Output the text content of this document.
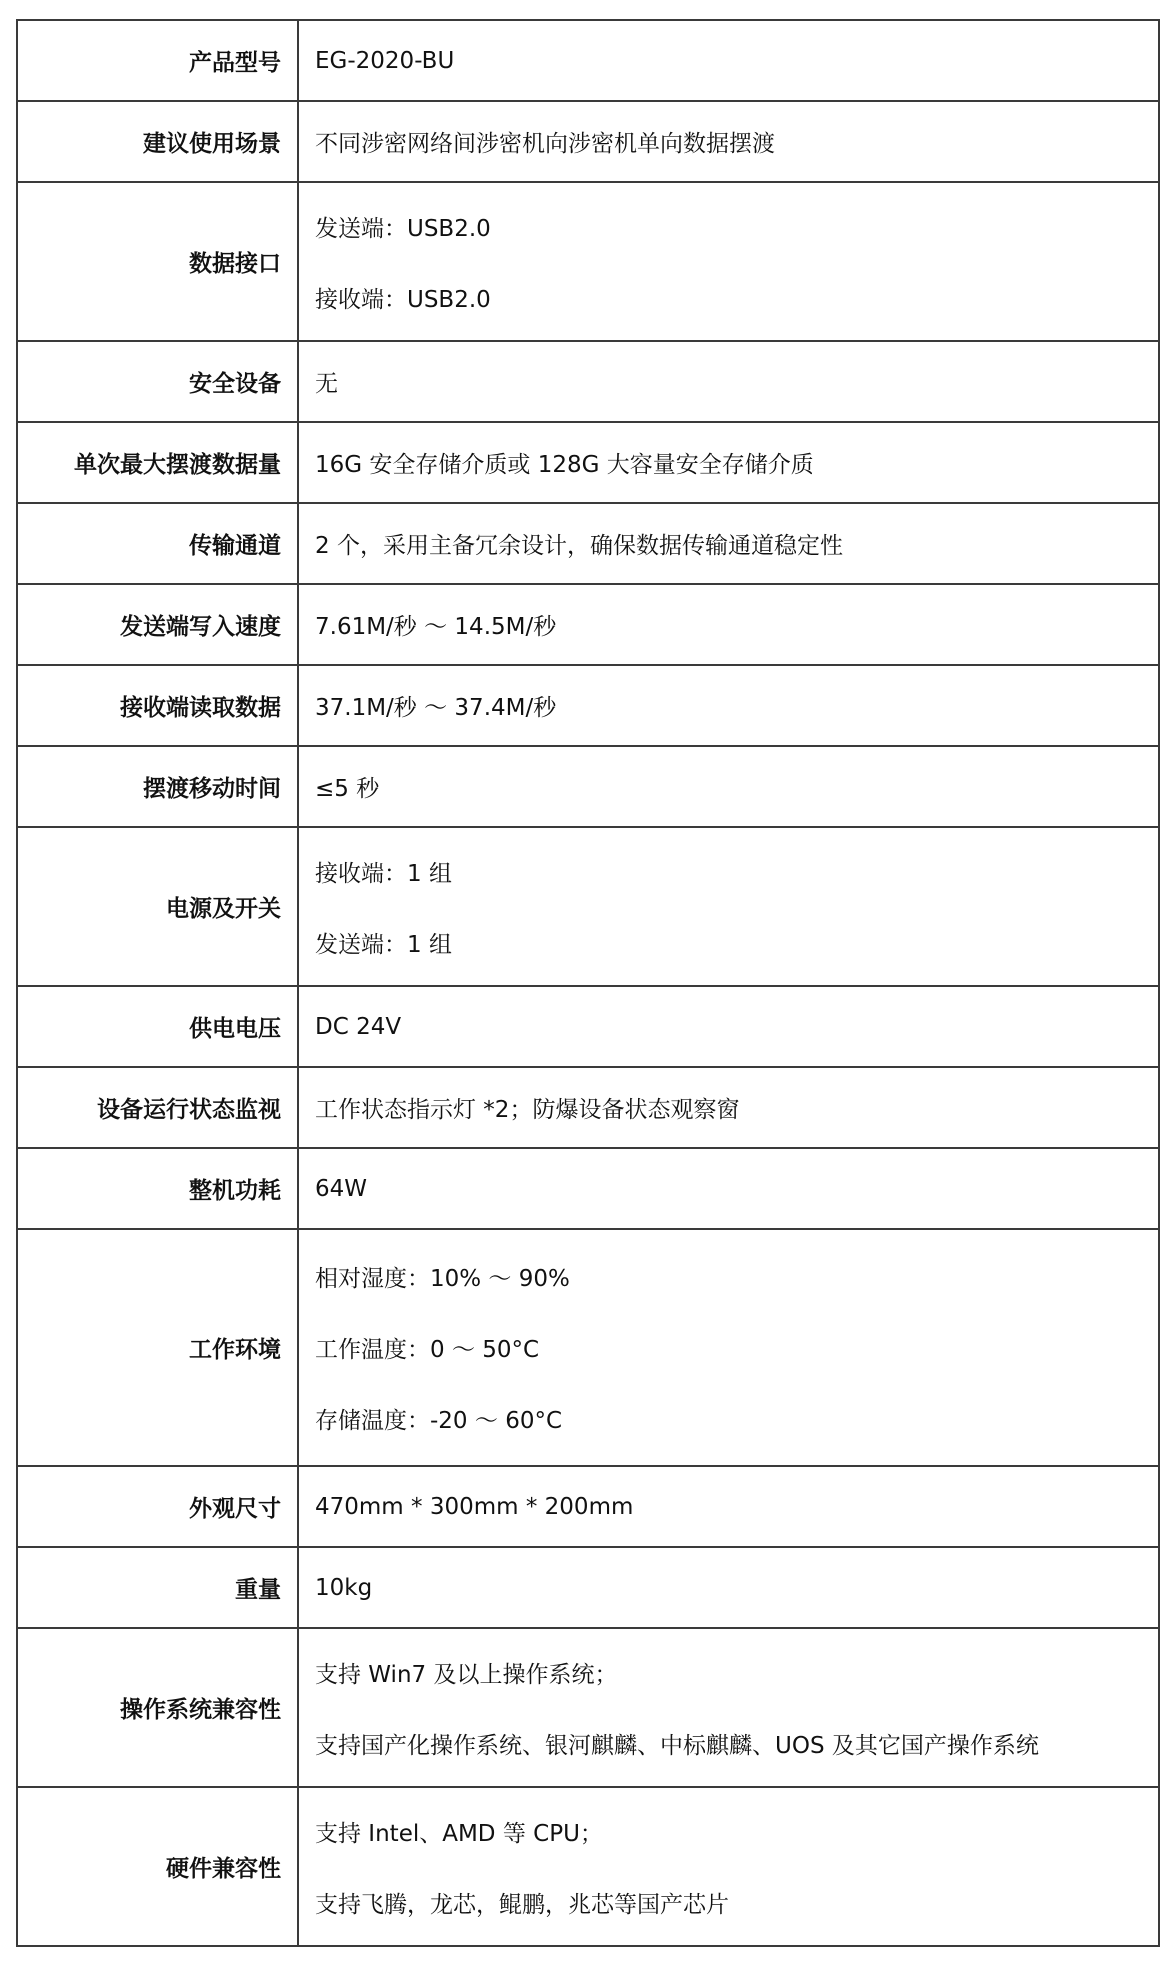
产品型号	EG-2020-BU

建议使用场景	不同涉密网络间涉密机向涉密机单向数据摆渡

数据接口	发送端：USB2.0
接收端：USB2.0

安全设备	无

单次最大摆渡数据量	16G 安全存储介质或 128G 大容量安全存储介质

传输通道	2 个，采用主备冗余设计，确保数据传输通道稳定性

发送端写入速度	7.61M/秒 ～ 14.5M/秒

接收端读取数据	37.1M/秒 ～ 37.4M/秒

摆渡移动时间	≤5 秒

电源及开关	接收端：1 组
发送端：1 组

供电电压	DC 24V

设备运行状态监视	工作状态指示灯 *2；防爆设备状态观察窗

整机功耗	64W

工作环境	相对湿度：10% ～ 90%
工作温度：0 ～ 50°C
存储温度：-20 ～ 60°C

外观尺寸	470mm * 300mm * 200mm

重量	10kg

操作系统兼容性	支持 Win7 及以上操作系统；
支持国产化操作系统、银河麒麟、中标麒麟、UOS 及其它国产操作系统

硬件兼容性	支持 Intel、AMD 等 CPU；
支持飞腾，龙芯，鲲鹏，兆芯等国产芯片
